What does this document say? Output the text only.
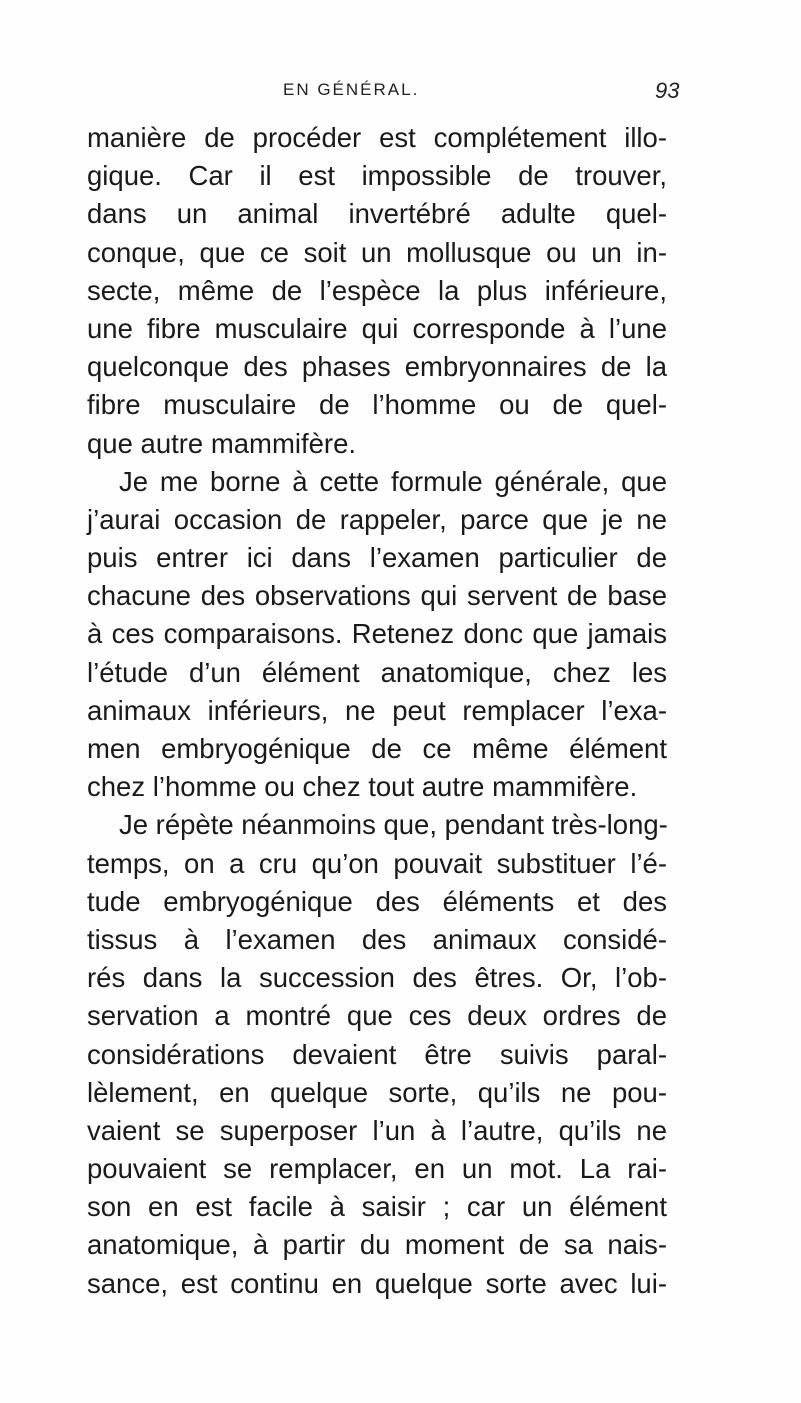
EN GÉNÉRAL.	93
manière de procéder est complétement illo-
gique. Car il est impossible de trouver,
dans un animal invertébré adulte quel-
conque, que ce soit un mollusque ou un in-
secte, même de l’espèce la plus inférieure,
une fibre musculaire qui corresponde à l’une
quelconque des phases embryonnaires de la
fibre musculaire de l’homme ou de quel-
que autre mammifère.
Je me borne à cette formule générale, que
j’aurai occasion de rappeler, parce que je ne
puis entrer ici dans l’examen particulier de
chacune des observations qui servent de base
à ces comparaisons. Retenez donc que jamais
l’étude d’un élément anatomique, chez les
animaux inférieurs, ne peut remplacer l’exa-
men embryogénique de ce même élément
chez l’homme ou chez tout autre mammifère.
Je répète néanmoins que, pendant très-long-
temps, on a cru qu’on pouvait substituer l’é-
tude embryogénique des éléments et des
tissus à l’examen des animaux considé-
rés dans la succession des êtres. Or, l’ob-
servation a montré que ces deux ordres de
considérations devaient être suivis paral-
lèlement, en quelque sorte, qu’ils ne pou-
vaient se superposer l’un à l’autre, qu’ils ne
pouvaient se remplacer, en un mot. La rai-
son en est facile à saisir ; car un élément
anatomique, à partir du moment de sa nais-
sance, est continu en quelque sorte avec lui-
